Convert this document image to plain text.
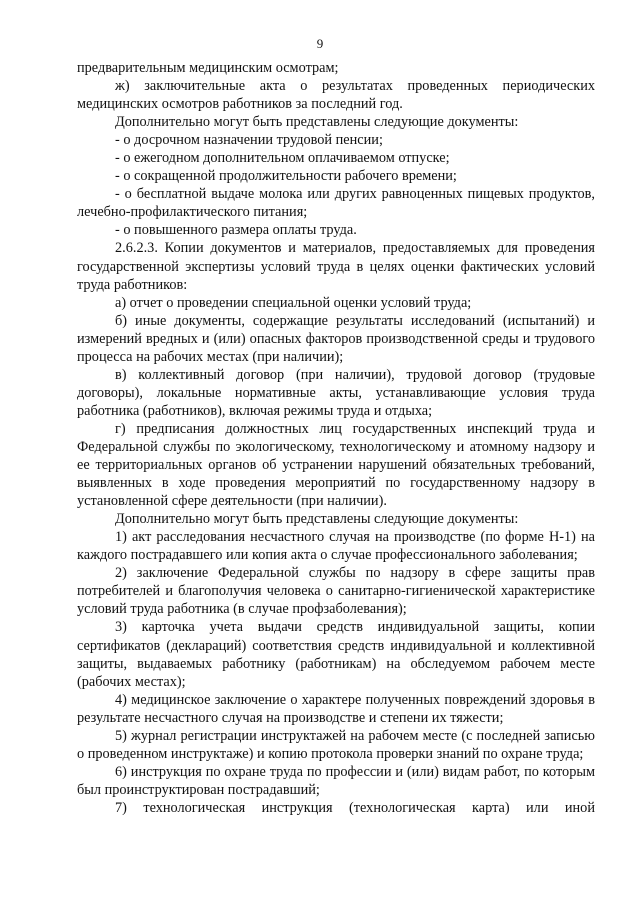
9

предварительным медицинским осмотрам;

ж) заключительные акта о результатах проведенных периодических медицинских осмотров работников за последний год.

Дополнительно могут быть представлены следующие документы:

- о досрочном назначении трудовой пенсии;

- о ежегодном дополнительном оплачиваемом отпуске;

- о сокращенной продолжительности рабочего времени;

- о бесплатной выдаче молока или других равноценных пищевых продуктов, лечебно-профилактического питания;

- о повышенного размера оплаты труда.

2.6.2.3. Копии документов и материалов, предоставляемых для проведения государственной экспертизы условий труда в целях оценки фактических условий труда работников:

а) отчет о проведении специальной оценки условий труда;

б) иные документы, содержащие результаты исследований (испытаний) и измерений вредных и (или) опасных факторов производственной среды и трудового процесса на рабочих местах (при наличии);

в) коллективный договор (при наличии), трудовой договор (трудовые договоры), локальные нормативные акты, устанавливающие условия труда работника (работников), включая режимы труда и отдыха;

г) предписания должностных лиц государственных инспекций труда и Федеральной службы по экологическому, технологическому и атомному надзору и ее территориальных органов об устранении нарушений обязательных требований, выявленных в ходе проведения мероприятий по государственному надзору в установленной сфере деятельности (при наличии).

Дополнительно могут быть представлены следующие документы:

1) акт расследования несчастного случая на производстве (по форме Н-1) на каждого пострадавшего или копия акта о случае профессионального заболевания;

2) заключение Федеральной службы по надзору в сфере защиты прав потребителей и благополучия человека о санитарно-гигиенической характеристике условий труда работника (в случае профзаболевания);

3) карточка учета выдачи средств индивидуальной защиты, копии сертификатов (деклараций) соответствия средств индивидуальной и коллективной защиты, выдаваемых работнику (работникам) на обследуемом рабочем месте (рабочих местах);

4) медицинское заключение о характере полученных повреждений здоровья в результате несчастного случая на производстве и степени их тяжести;

5) журнал регистрации инструктажей на рабочем месте (с последней записью о проведенном инструктаже) и копию протокола проверки знаний по охране труда;

6) инструкция по охране труда по профессии и (или) видам работ, по которым был проинструктирован пострадавший;

7) технологическая инструкция (технологическая карта) или иной
